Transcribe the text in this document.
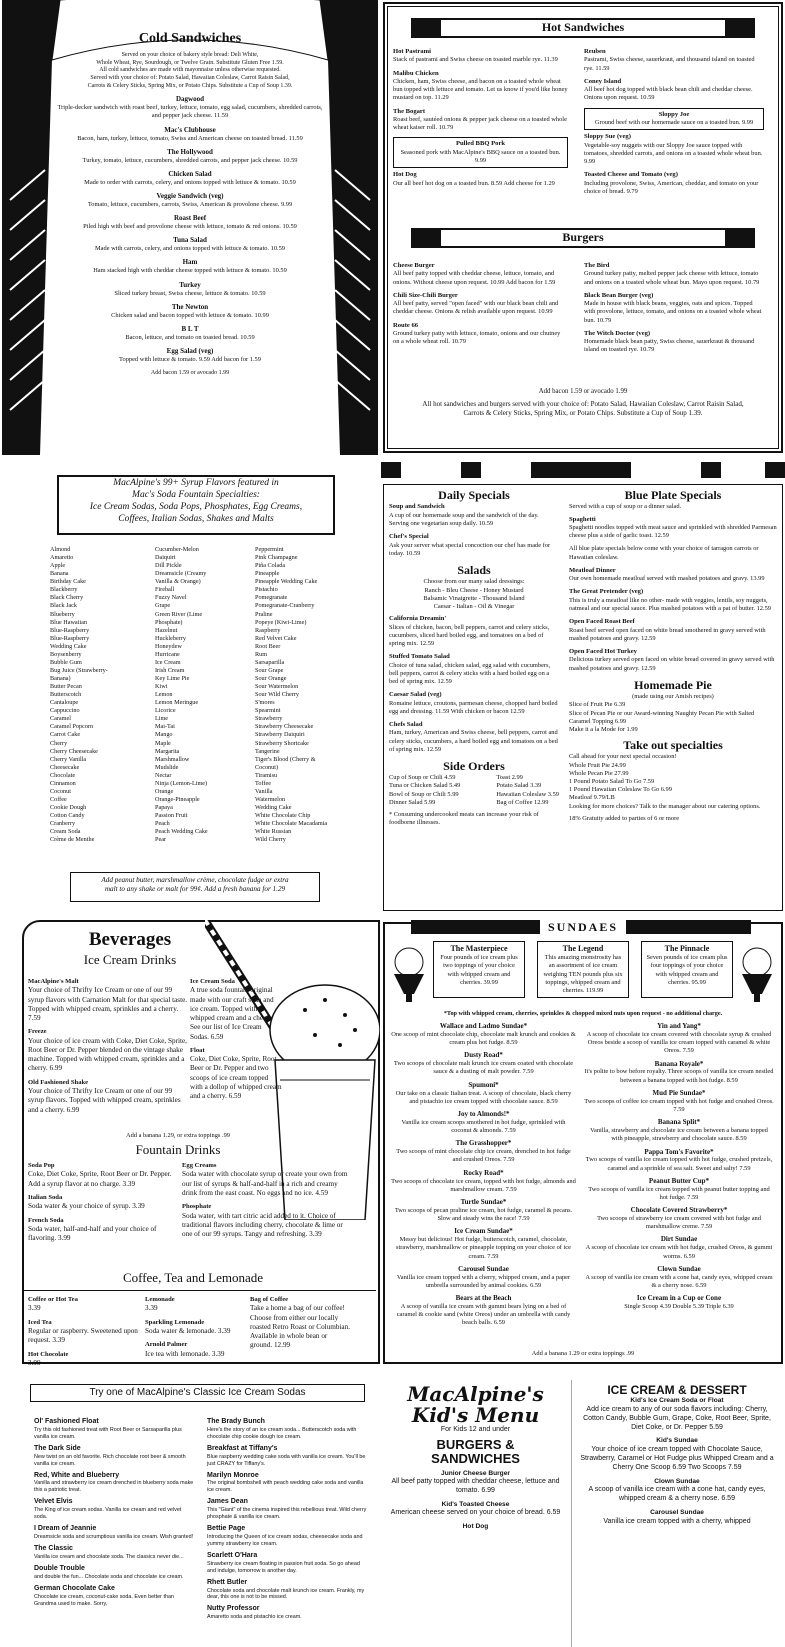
Cold Sandwiches
Served on your choice of bakery style bread: Deli White,
Whole Wheat, Rye, Sourdough, or Twelve Grain. Substitute Gluten Free 1.59.
All cold sandwiches are made with mayonnaise unless otherwise requested.
Served with your choice of: Potato Salad, Hawaiian Coleslaw, Carrot Raisin Salad,
Carrots & Celery Sticks, Spring Mix, or Potato Chips. Substitute a Cup of Soup 1.39.
Dagwood
Triple-decker sandwich with roast beef, turkey, lettuce, tomato, egg salad, cucumbers, shredded carrots, and pepper jack cheese. 11.59
Mac's Clubhouse
Bacon, ham, turkey, lettuce, tomato, Swiss and American cheese on toasted bread. 11.59
The Hollywood
Turkey, tomato, lettuce, cucumbers, shredded carrots, and pepper jack cheese. 10.59
Chicken Salad
Made to order with carrots, celery, and onions topped with lettuce & tomato. 10.59
Veggie Sandwich (veg)
Tomato, lettuce, cucumbers, carrots, Swiss, American & provolone cheese. 9.99
Roast Beef
Piled high with beef and provolone cheese with lettuce, tomato & red onions. 10.59
Tuna Salad
Made with carrots, celery, and onions topped with lettuce & tomato. 10.59
Ham
Ham stacked high with cheddar cheese topped with lettuce & tomato. 10.59
Turkey
Sliced turkey breast, Swiss cheese, lettuce & tomato. 10.59
The Newton
Chicken salad and bacon topped with lettuce & tomato. 10.99
B L T
Bacon, lettuce, and tomato on toasted bread. 10.59
Egg Salad (veg)
Topped with lettuce & tomato. 9.59 Add bacon for 1.59
Add bacon 1.59 or avocado 1.99
Hot Sandwiches
Hot Pastrami
Stack of pastrami and Swiss cheese on toasted marble rye. 11.39
Malibu Chicken
Chicken, ham, Swiss cheese, and bacon on a toasted whole wheat bun topped with lettuce and tomato. Let us know if you'd like honey mustard on top. 11.29
The Bogart
Roast beef, sautéed onions & pepper jack cheese on a toasted whole wheat kaiser roll. 10.79
Pulled BBQ Pork
Seasoned pork with MacAlpine's BBQ sauce on a toasted bun. 9.99
Hot Dog
Our all beef hot dog on a toasted bun. 8.59 Add cheese for 1.29
Reuben
Pastrami, Swiss cheese, sauerkraut, and thousand island on toasted rye. 11.59
Coney Island
All beef hot dog topped with black bean chili and cheddar cheese. Onions upon request. 10.59
Sloppy Joe
Ground beef with our homemade sauce on a toasted bun. 9.99
Sloppy Sue (veg)
Vegetable-soy nuggets with our Sloppy Joe sauce topped with tomatoes, shredded carrots, and onions on a toasted whole wheat bun. 9.99
Toasted Cheese and Tomato (veg)
Including provolone, Swiss, American, cheddar, and tomato on your choice of bread. 9.79
Burgers
Cheese Burger
All beef patty topped with cheddar cheese, lettuce, tomato, and onions. Without cheese upon request. 10.99 Add bacon for 1.59
Chili Size-Chili Burger
All beef patty, served "open faced" with our black bean chili and cheddar cheese. Onions & relish available upon request. 10.99
Route 66
Ground turkey patty with lettuce, tomato, onions and our chutney on a whole wheat roll. 10.79
The Bird
Ground turkey patty, melted pepper jack cheese with lettuce, tomato and onions on a toasted whole wheat bun. Mayo upon request. 10.79
Black Bean Burger (veg)
Made in house with black beans, veggies, oats and spices. Topped with provolone, lettuce, tomato, and onions on a toasted whole wheat bun. 10.79
The Witch Doctor (veg)
Homemade black bean patty, Swiss cheese, sauerkraut & thousand island on toasted rye. 10.79
Add bacon 1.59 or avocado 1.99
All hot sandwiches and burgers served with your choice of: Potato Salad, Hawaiian Coleslaw, Carrot Raisin Salad, Carrots & Celery Sticks, Spring Mix, or Potato Chips. Substitute a Cup of Soup 1.39.
MacAlpine's 99+ Syrup Flavors featured in
Mac's Soda Fountain Specialties:
Ice Cream Sodas, Soda Pops, Phosphates, Egg Creams,
Coffees, Italian Sodas, Shakes and Malts
Almond
Amaretto
Apple
Banana
Birthday Cake
Blackberry
Black Cherry
Black Jack
Blueberry
Blue Hawaiian
Blue-Raspberry
Blue-Raspberry
Wedding Cake
Boysenberry
Bubble Gum
Bug Juice (Strawberry-
Banana)
Butter Pecan
Butterscotch
Cantaloupe
Cappuccino
Caramel
Caramel Popcorn
Carrot Cake
Cherry
Cherry Cheesecake
Cherry Vanilla
Cheesecake
Chocolate
Cinnamon
Coconut
Coffee
Cookie Dough
Cotton Candy
Cranberry
Cream Soda
Crème de Menthe
Cucumber-Melon
Daiquiri
Dill Pickle
Dreamsicle (Creamy
Vanilla & Orange)
Fireball
Fuzzy Navel
Grape
Green River (Lime
Phosphate)
Hazelnut
Huckleberry
Honeydew
Hurricane
Ice Cream
Irish Cream
Key Lime Pie
Kiwi
Lemon
Lemon Meringue
Licorice
Lime
Mai-Tai
Mango
Maple
Margarita
Marshmallow
Mudslide
Nectar
Ninja (Lemon-Lime)
Orange
Orange-Pineapple
Papaya
Passion Fruit
Peach
Peach Wedding Cake
Pear
Peppermint
Pink Champagne
Piña Colada
Pineapple
Pineapple Wedding Cake
Pistachio
Pomegranate
Pomegranate-Cranberry
Praline
Popeye (Kiwi-Lime)
Raspberry
Red Velvet Cake
Root Beer
Rum
Sarsaparilla
Sour Grape
Sour Orange
Sour Watermelon
Sour Wild Cherry
S'mores
Spearmint
Strawberry
Strawberry Cheesecake
Strawberry Daiquiri
Strawberry Shortcake
Tangerine
Tiger's Blood (Cherry &
Coconut)
Tiramisu
Toffee
Vanilla
Watermelon
Wedding Cake
White Chocolate Chip
White Chocolate Macadamia
White Russian
Wild Cherry
Add peanut butter, marshmallow crème, chocolate fudge or extra
malt to any shake or malt for 99¢. Add a fresh banana for 1.29
Daily Specials
Soup and Sandwich
A cup of our homemade soup and the sandwich of the day. Serving one vegetarian soup daily. 10.59
Chef's Special
Ask your server what special concoction our chef has made for today. 10.59
Salads
Choose from our many salad dressings:
Ranch - Bleu Cheese - Honey Mustard
Balsamic Vinaigrette - Thousand Island
Caesar - Italian - Oil & Vinegar
California Dreamin'
Slices of chicken, bacon, bell peppers, carrot and celery sticks, cucumbers, sliced hard boiled egg, and tomatoes on a bed of spring mix. 12.59
Stuffed Tomato Salad
Choice of tuna salad, chicken salad, egg salad with cucumbers, bell peppers, carrot & celery sticks with a hard boiled egg on a bed of spring mix. 12.59
Caesar Salad (veg)
Romaine lettuce, croutons, parmesan cheese, chopped hard boiled egg and dressing. 11.59 With chicken or bacon 12.59
Chefs Salad
Ham, turkey, American and Swiss cheese, bell peppers, carrot and celery sticks, cucumbers, a hard boiled egg and tomatoes on a bed of spring mix. 12.59
Side Orders
Cup of Soup or Chili 4.59
Tuna or Chicken Salad 5.49
Bowl of Soup or Chili 5.99
Dinner Salad 5.99
Toast 2.99
Potato Salad 3.39
Hawaiian Coleslaw 3.59
Bag of Coffee 12.99
* Consuming undercooked meats can increase your risk of foodborne illnesses.
Blue Plate Specials
Served with a cup of soup or a dinner salad.
Spaghetti
Spaghetti noodles topped with meat sauce and sprinkled with shredded Parmesan cheese plus a side of garlic toast. 12.59
All blue plate specials below come with your choice of tarragon carrots or Hawaiian coleslaw.
Meatloaf Dinner
Our own homemade meatloaf served with mashed potatoes and gravy. 13.99
The Great Pretender (veg)
This is truly a meatloaf like no other- made with veggies, lentils, soy nuggets, oatmeal and our special sauce. Plus mashed potatoes with a pat of butter. 12.59
Open Faced Roast Beef
Roast beef served open faced on white bread smothered in gravy served with mashed potatoes and gravy. 12.59
Open Faced Hot Turkey
Delicious turkey served open faced on white bread covered in gravy served with mashed potatoes and gravy. 12.59
Homemade Pie
(made using our Amish recipes)
Slice of Fruit Pie 6.39
Slice of Pecan Pie or our Award-winning Naughty Pecan Pie with Salted Caramel Topping 6.99
Make it a la Mode for 1.99
Take out specialties
Call ahead for your next special occasion!
Whole Fruit Pie 24.99
Whole Pecan Pie 27.99
1 Pound Potato Salad To Go 7.59
1 Pound Hawaiian Coleslaw To Go 6.99
Meatloaf 9.79/LB
Looking for more choices? Talk to the manager about our catering options.
18% Gratuity added to parties of 6 or more
Beverages
Ice Cream Drinks
MacAlpine's Malt
Your choice of Thrifty Ice Cream or one of our 99 syrup flavors with Carnation Malt for that special taste. Topped with whipped cream, sprinkles and a cherry. 7.59
Freeze
Your choice of ice cream with Coke, Diet Coke, Sprite, Root Beer or Dr. Pepper blended on the vintage shake machine. Topped with whipped cream, sprinkles and a cherry. 6.99
Old Fashioned Shake
Your choice of Thrifty Ice Cream or one of our 99 syrup flavors. Topped with whipped cream, sprinkles and a cherry. 6.99
Ice Cream Soda
A true soda fountain original made with our craft soda and ice cream. Topped with whipped cream and a cherry. See our list of Ice Cream Sodas. 6.59
Float
Coke, Diet Coke, Sprite, Root Beer or Dr. Pepper and two scoops of ice cream topped with a dollop of whipped cream and a cherry. 6.59
Add a banana 1.29, or extra toppings .99
Fountain Drinks
Soda Pop
Coke, Diet Coke, Sprite, Root Beer or Dr. Pepper. Add a syrup flavor at no charge. 3.39
Italian Soda
Soda water & your choice of syrup. 3.39
French Soda
Soda water, half-and-half and your choice of flavoring. 3.99
Egg Creams
Soda water with chocolate syrup or create your own from our list of syrups & half-and-half in a rich and creamy drink from the east coast. No eggs and no ice. 4.59
Phosphate
Soda water, with tart citric acid added to it. Choice of traditional flavors including cherry, chocolate & lime or one of our 99 syrups. Tangy and refreshing. 3.39
Coffee, Tea and Lemonade
Coffee or Hot Tea
3.39
Iced Tea
Regular or raspberry. Sweetened upon request. 3.39
Hot Chocolate
3.99
Lemonade
3.39
Sparkling Lemonade
Soda water & lemonade. 3.39
Arnold Palmer
Ice tea with lemonade. 3.39
Bag of Coffee
Take a home a bag of our coffee! Choose from either our locally roasted Retro Roast or Columbian. Available in whole bean or ground. 12.99
SUNDAES
The Masterpiece
Four pounds of ice cream plus two toppings of your choice with whipped cream and cherries. 39.99
The Legend
This amazing monstrosity has an assortment of ice cream weighing TEN pounds plus six toppings, whipped cream and cherries. 119.99
The Pinnacle
Seven pounds of ice cream plus four toppings of your choice with whipped cream and cherries. 95.99
*Top with whipped cream, cherries, sprinkles & chopped mixed nuts upon request - no additional charge.
Wallace and Ladmo Sundae*
One scoop of mint chocolate chip, chocolate malt krunch and cookies & cream plus hot fudge. 8.59
Dusty Road*
Two scoops of chocolate malt krunch ice cream coated with chocolate sauce & a dusting of malt powder. 7.59
Spumoni*
Our take on a classic Italian treat. A scoop of chocolate, black cherry and pistachio ice cream topped with chocolate sauce. 8.59
Joy to Almonds!*
Vanilla ice cream scoops smothered in hot fudge, sprinkled with coconut & almonds. 7.59
The Grasshopper*
Two scoops of mint chocolate chip ice cream, drenched in hot fudge and crushed Oreos. 7.59
Rocky Road*
Two scoops of chocolate ice cream, topped with hot fudge, almonds and marshmallow cream. 7.59
Turtle Sundae*
Two scoops of pecan praline ice cream, hot fudge, caramel & pecans. Slow and steady wins the race! 7.59
Ice Cream Sundae*
Messy but delicious! Hot fudge, butterscotch, caramel, chocolate, strawberry, marshmallow or pineapple topping on your choice of ice cream. 7.59
Carousel Sundae
Vanilla ice cream topped with a cherry, whipped cream, and a paper umbrella surrounded by animal cookies. 6.59
Bears at the Beach
A scoop of vanilla ice cream with gummi bears lying on a bed of caramel & cookie sand (white Oreos) under an umbrella with candy beach balls. 6.59
Yin and Yang*
A scoop of chocolate ice cream covered with chocolate syrup & crushed Oreos beside a scoop of vanilla ice cream topped with caramel & white Oreos. 7.59
Banana Royale*
It's polite to bow before royalty. Three scoops of vanilla ice cream nestled between a banana topped with hot fudge. 8.59
Mud Pie Sundae*
Two scoops of coffee ice cream topped with hot fudge and crushed Oreos. 7.59
Banana Split*
Vanilla, strawberry and chocolate ice cream between a banana topped with pineapple, strawberry and chocolate sauce. 8.59
Pappa Tom's Favorite*
Two scoops of vanilla ice cream topped with hot fudge, crushed pretzels, caramel and a sprinkle of sea salt. Sweet and salty! 7.59
Peanut Butter Cup*
Two scoops of vanilla ice cream topped with peanut butter topping and hot fudge. 7.59
Chocolate Covered Strawberry*
Two scoops of strawberry ice cream covered with hot fudge and marshmallow creme. 7.59
Dirt Sundae
A scoop of chocolate ice cream with hot fudge, crushed Oreos, & gummi worms. 6.59
Clown Sundae
A scoop of vanilla ice cream with a cone hat, candy eyes, whipped cream & a cherry nose. 6.59
Ice Cream in a Cup or Cone
Single Scoop 4.39 Double 5.39 Triple 6.39
Add a banana 1.29 or extra toppings .99
Try one of MacAlpine's Classic Ice Cream Sodas
Ol' Fashioned Float
Try this old fashioned treat with Root Beer or Sarsaparilla plus vanilla ice cream.
The Dark Side
New twist on an old favorite. Rich chocolate root beer & smooth vanilla ice cream.
Red, White and Blueberry
Vanilla and strawberry ice cream drenched in blueberry soda make this a patriotic treat.
Velvet Elvis
The King of ice cream sodas. Vanilla ice cream and red velvet soda.
I Dream of Jeannie
Dreamsicle soda and scrumptious vanilla ice cream. Wish granted!
The Classic
Vanilla ice cream and chocolate soda. The classics never die...
Double Trouble
and double the fun... Chocolate soda and chocolate ice cream.
German Chocolate Cake
Chocolate ice cream, coconut-cake soda. Even better than Grandma used to make. Sorry,
The Brady Bunch
Here's the story of an ice cream soda... Butterscotch soda with chocolate chip cookie dough ice cream.
Breakfast at Tiffany's
Blue raspberry wedding cake soda with vanilla ice cream. You'll be just CRAZY for Tiffany's.
Marilyn Monroe
The original bombshell with peach wedding cake soda and vanilla ice cream.
James Dean
This "Giant" of the cinema inspired this rebellious treat. Wild cherry phosphate & vanilla ice cream.
Bettie Page
Introducing the Queen of ice cream sodas, cheesecake soda and yummy strawberry ice cream.
Scarlett O'Hara
Strawberry ice cream floating in passion fruit soda. So go ahead and indulge, tomorrow is another day.
Rhett Butler
Chocolate soda and chocolate malt krunch ice cream. Frankly, my dear, this one is not to be missed.
Nutty Professor
Amaretto soda and pistachio ice cream.
MacAlpine's
Kid's Menu
For Kids 12 and under
BURGERS & SANDWICHES
Junior Cheese Burger
All beef patty topped with cheddar cheese, lettuce and tomato. 6.99
Kid's Toasted Cheese
American cheese served on your choice of bread. 6.59
Hot Dog
ICE CREAM & DESSERT
Kid's Ice Cream Soda or Float
Add ice cream to any of our soda flavors including: Cherry, Cotton Candy, Bubble Gum, Grape, Coke, Root Beer, Sprite, Diet Coke, or Dr. Pepper 5.59
Kid's Sundae
Your choice of ice cream topped with Chocolate Sauce, Strawberry, Caramel or Hot Fudge plus Whipped Cream and a Cherry One Scoop 6.59 Two Scoops 7.59
Clown Sundae
A scoop of vanilla ice cream with a cone hat, candy eyes, whipped cream & a cherry nose. 6.59
Carousel Sundae
Vanilla ice cream topped with a cherry, whipped
